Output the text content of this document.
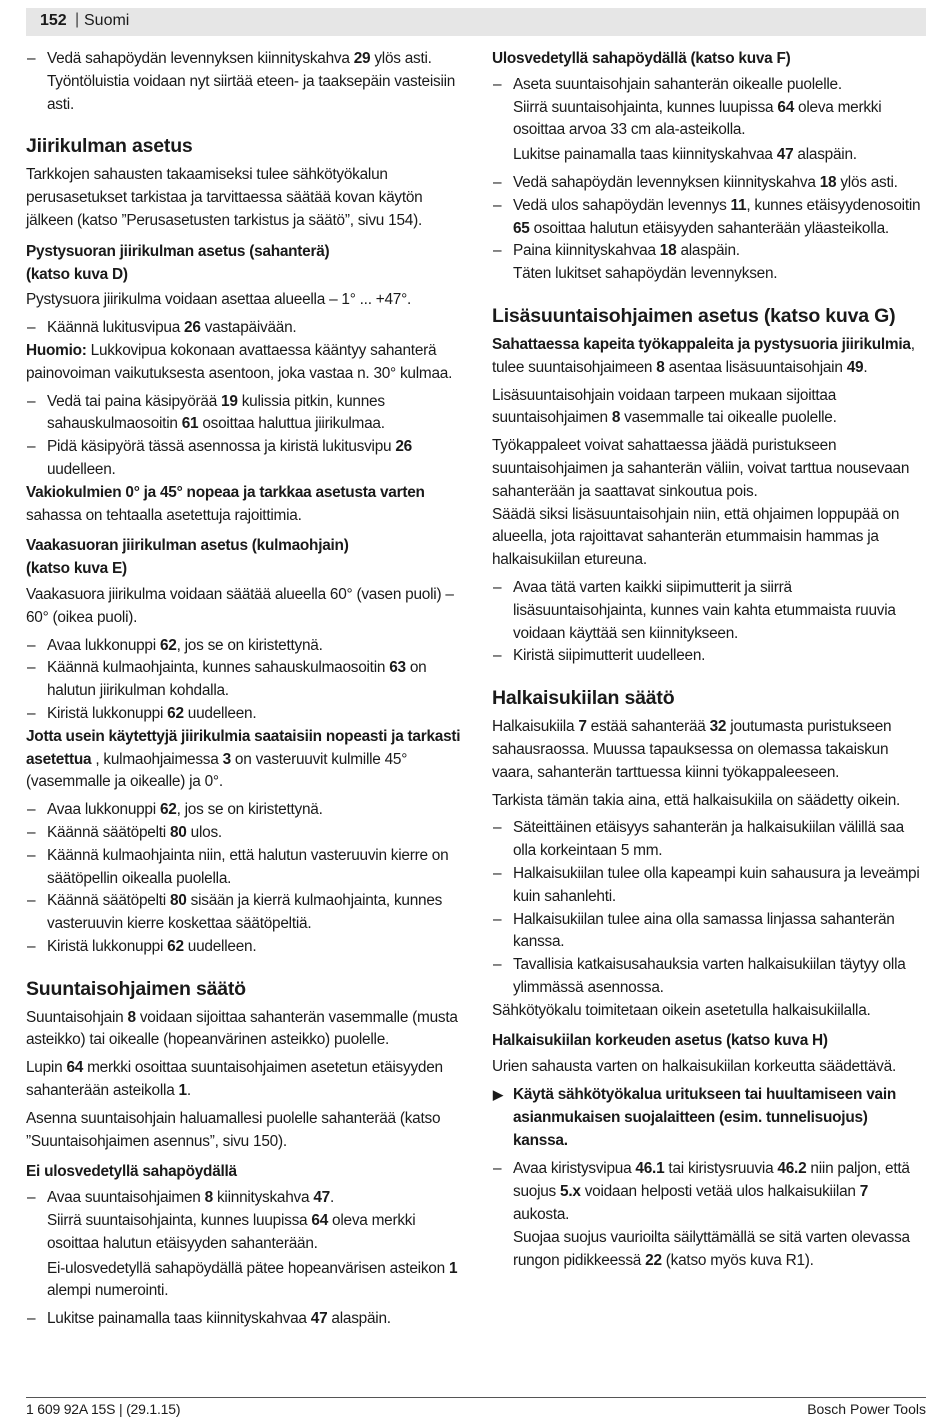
152 | Suomi
– Vedä sahapöydän levennyksen kiinnityskahva 29 ylös asti. Työntöluistia voidaan nyt siirtää eteen- ja taaksepäin vasteisiin asti.
Jiirikulman asetus

Tarkkojen sahausten takaamiseksi tulee sähkötyökalun perusasetukset tarkistaa ja tarvittaessa säätää kovan käytön jälkeen (katso ”Perusasetusten tarkistus ja säätö”, sivu 154).

Pystysuoran jiirikulman asetus (sahanterä)
(katso kuva D)

Pystysuora jiirikulma voidaan asettaa alueella – 1° ... +47°.

– Käännä lukitusvipua 26 vastapäivään.

Huomio: Lukkovipua kokonaan avattaessa kääntyy sahanterä painovoiman vaikutuksesta asentoon, joka vastaa n. 30° kulmaa.

– Vedä tai paina käsipyörää 19 kulissia pitkin, kunnes sahauskulmaosoitin 61 osoittaa haluttua jiirikulmaa.
– Pidä käsipyörä tässä asennossa ja kiristä lukitusvipu 26 uudelleen.

Vakiokulmien 0° ja 45° nopeaa ja tarkkaa asetusta varten sahassa on tehtaalla asetettuja rajoittimia.

Vaakasuoran jiirikulman asetus (kulmaohjain)
(katso kuva E)

Vaakasuora jiirikulma voidaan säätää alueella 60° (vasen puoli) – 60° (oikea puoli).

– Avaa lukkonuppi 62, jos se on kiristettynä.
– Käännä kulmaohjainta, kunnes sahauskulmaosoitin 63 on halutun jiirikulman kohdalla.
– Kiristä lukkonuppi 62 uudelleen.

Jotta usein käytettyjä jiirikulmia saataisiin nopeasti ja tarkasti asetettua , kulmaohjaimessa 3 on vasteruuvit kulmille 45° (vasemmalle ja oikealle) ja 0°.

– Avaa lukkonuppi 62, jos se on kiristettynä.
– Käännä säätöpelti 80 ulos.
– Käännä kulmaohjainta niin, että halutun vasteruuvin kierre on säätöpellin oikealla puolella.
– Käännä säätöpelti 80 sisään ja kierrä kulmaohjainta, kunnes vasteruuvin kierre koskettaa säätöpeltiä.
– Kiristä lukkonuppi 62 uudelleen.
Suuntaisohjaimen säätö

Suuntaisohjain 8 voidaan sijoittaa sahanterän vasemmalle (musta asteikko) tai oikealle (hopeanvärinen asteikko) puolelle.

Lupin 64 merkki osoittaa suuntaisohjaimen asetetun etäisyyden sahanterään asteikolla 1.

Asenna suuntaisohjain haluamallesi puolelle sahanterää (katso ”Suuntaisohjaimen asennus”, sivu 150).

Ei ulosvedetyllä sahapöydällä
– Avaa suuntaisohjaimen 8 kiinnityskahva 47.
Siirrä suuntaisohjainta, kunnes luupissa 64 oleva merkki osoittaa halutun etäisyyden sahanterään.
Ei-ulosvedetyllä sahapöydällä pätee hopeanvärisen asteikon 1 alempi numerointi.
– Lukitse painamalla taas kiinnityskahvaa 47 alaspäin.
Ulosvedetyllä sahapöydällä (katso kuva F)
– Aseta suuntaisohjain sahanterän oikealle puolelle.
Siirrä suuntaisohjainta, kunnes luupissa 64 oleva merkki osoittaa arvoa 33 cm ala-asteikolla.
Lukitse painamalla taas kiinnityskahvaa 47 alaspäin.
– Vedä sahapöydän levennyksen kiinnityskahva 18 ylös asti.
– Vedä ulos sahapöydän levennys 11, kunnes etäisyydenosoitin 65 osoittaa halutun etäisyyden sahanterään yläasteikolla.
– Paina kiinnityskahvaa 18 alaspäin.
Täten lukitset sahapöydän levennyksen.
Lisäsuuntaisohjaimen asetus (katso kuva G)

Sahattaessa kapeita työkappaleita ja pystysuoria jiirikulmia, tulee suuntaisohjaimeen 8 asentaa lisäsuuntaisohjain 49.

Lisäsuuntaisohjain voidaan tarpeen mukaan sijoittaa suuntaisohjaimen 8 vasemmalle tai oikealle puolelle.

Työkappaleet voivat sahattaessa jäädä puristukseen suuntaisohjaimen ja sahanterän väliin, voivat tarttua nousevaan sahanterään ja saattavat sinkoutua pois.
Säädä siksi lisäsuuntaisohjain niin, että ohjaimen loppupää on alueella, jota rajoittavat sahanterän etummaisin hammas ja halkaisukiilan etureuna.

– Avaa tätä varten kaikki siipimutterit ja siirrä lisäsuuntaisohjainta, kunnes vain kahta etummaista ruuvia voidaan käyttää sen kiinnitykseen.
– Kiristä siipimutterit uudelleen.
Halkaisukiilan säätö

Halkaisukiila 7 estää sahanterää 32 joutumasta puristukseen sahausraossa. Muussa tapauksessa on olemassa takaiskun vaara, sahanterän tarttuessa kiinni työkappaleeseen.

Tarkista tämän takia aina, että halkaisukiila on säädetty oikein.

– Säteittäinen etäisyys sahanterän ja halkaisukiilan välillä saa olla korkeintaan 5 mm.
– Halkaisukiilan tulee olla kapeampi kuin sahausura ja leveämpi kuin sahanlehti.
– Halkaisukiilan tulee aina olla samassa linjassa sahanterän kanssa.
– Tavallisia katkaisusahauksia varten halkaisukiilan täytyy olla ylimmässä asennossa.

Sähkötyökalu toimitetaan oikein asetetulla halkaisukiilalla.

Halkaisukiilan korkeuden asetus (katso kuva H)

Urien sahausta varten on halkaisukiilan korkeutta säädettävä.

▶ Käytä sähkötyökalua uritukseen tai huultamiseen vain asianmukaisen suojalaitteen (esim. tunnelisuojus) kanssa.
– Avaa kiristysvipua 46.1 tai kiristysruuvia 46.2 niin paljon, että suojus 5.x voidaan helposti vetää ulos halkaisukiilan 7 aukosta.
Suojaa suojus vaurioilta säilyttämällä se sitä varten olevassa rungon pidikkeessä 22 (katso myös kuva R1).
1 609 92A 15S | (29.1.15)	Bosch Power Tools
